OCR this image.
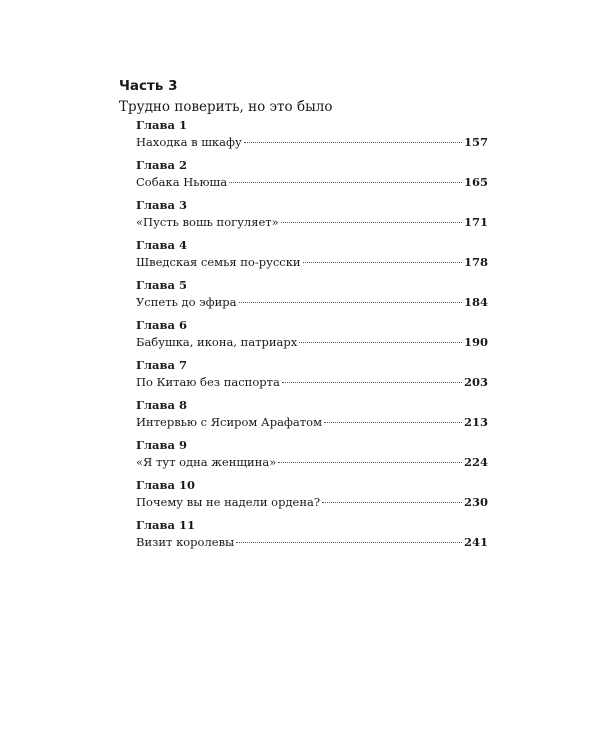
Часть 3

Трудно поверить, но это было

Глава 1
Находка в шкафу	157
Глава 2
Собака Ньюша	165
Глава 3
«Пусть вошь погуляет»	171
Глава 4
Шведская семья по-русски	178
Глава 5
Успеть до эфира	184
Глава 6
Бабушка, икона, патриарх	190
Глава 7
По Китаю без паспорта	203
Глава 8
Интервью с Ясиром Арафатом	213
Глава 9
«Я тут одна женщина»	224
Глава 10
Почему вы не надели ордена?	230
Глава 11
Визит королевы	241
